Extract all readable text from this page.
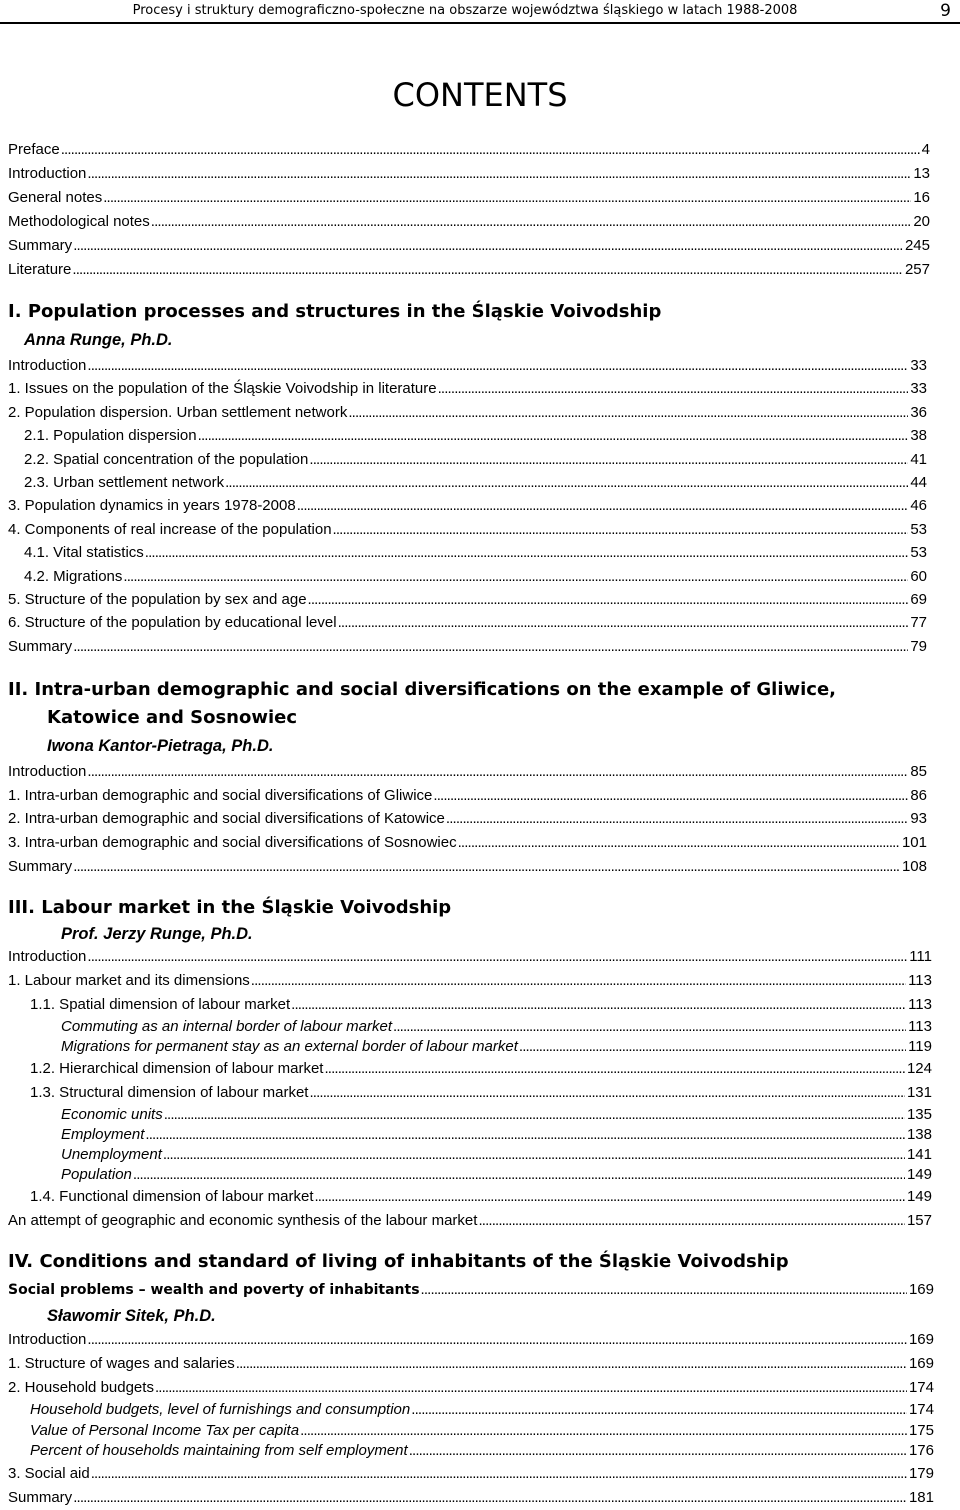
Procesy i struktury demograficzno-społeczne na obszarze województwa śląskiego w latach 1988-2008	9
CONTENTS
Preface .....	4
Introduction .....	13
General notes .....	16
Methodological notes .....	20
Summary .....	245
Literature .....	257
I. Population processes and structures in the Śląskie Voivodship
Anna Runge, Ph.D.
Introduction .....	33
1. Issues on the population of the Śląskie Voivodship in literature .....	33
2. Population dispersion. Urban settlement network .....	36
2.1. Population dispersion .....	38
2.2. Spatial concentration of the population .....	41
2.3. Urban settlement network .....	44
3. Population dynamics in years 1978-2008 .....	46
4. Components of real increase of the population .....	53
4.1. Vital statistics .....	53
4.2. Migrations .....	60
5. Structure of the population by sex and age .....	69
6. Structure of the population by educational level .....	77
Summary .....	79
II. Intra-urban demographic and social diversifications on the example of Gliwice,
Katowice and Sosnowiec
Iwona Kantor-Pietraga, Ph.D.
Introduction .....	85
1. Intra-urban demographic and social diversifications of Gliwice .....	86
2. Intra-urban demographic and social diversifications of Katowice .....	93
3. Intra-urban demographic and social diversifications of Sosnowiec .....	101
Summary .....	108
III. Labour market in the Śląskie Voivodship
Prof. Jerzy Runge, Ph.D.
Introduction .....	111
1. Labour market and its dimensions .....	113
1.1. Spatial dimension of labour market .....	113
Commuting as an internal border of labour market .....	113
Migrations for permanent stay as an external border of labour market .....	119
1.2. Hierarchical dimension of labour market .....	124
1.3. Structural dimension of labour market .....	131
Economic units .....	135
Employment .....	138
Unemployment .....	141
Population .....	149
1.4. Functional dimension of labour market .....	149
An attempt of geographic and economic synthesis of the labour market .....	157
IV. Conditions and standard of living of inhabitants of the Śląskie Voivodship
Social problems – wealth and poverty of inhabitants .....	169
Sławomir Sitek, Ph.D.
Introduction .....	169
1. Structure of wages and salaries .....	169
2. Household budgets .....	174
Household budgets, level of furnishings and consumption .....	174
Value of Personal Income Tax per capita .....	175
Percent of households maintaining from self employment .....	176
3. Social aid .....	179
Summary .....	181
